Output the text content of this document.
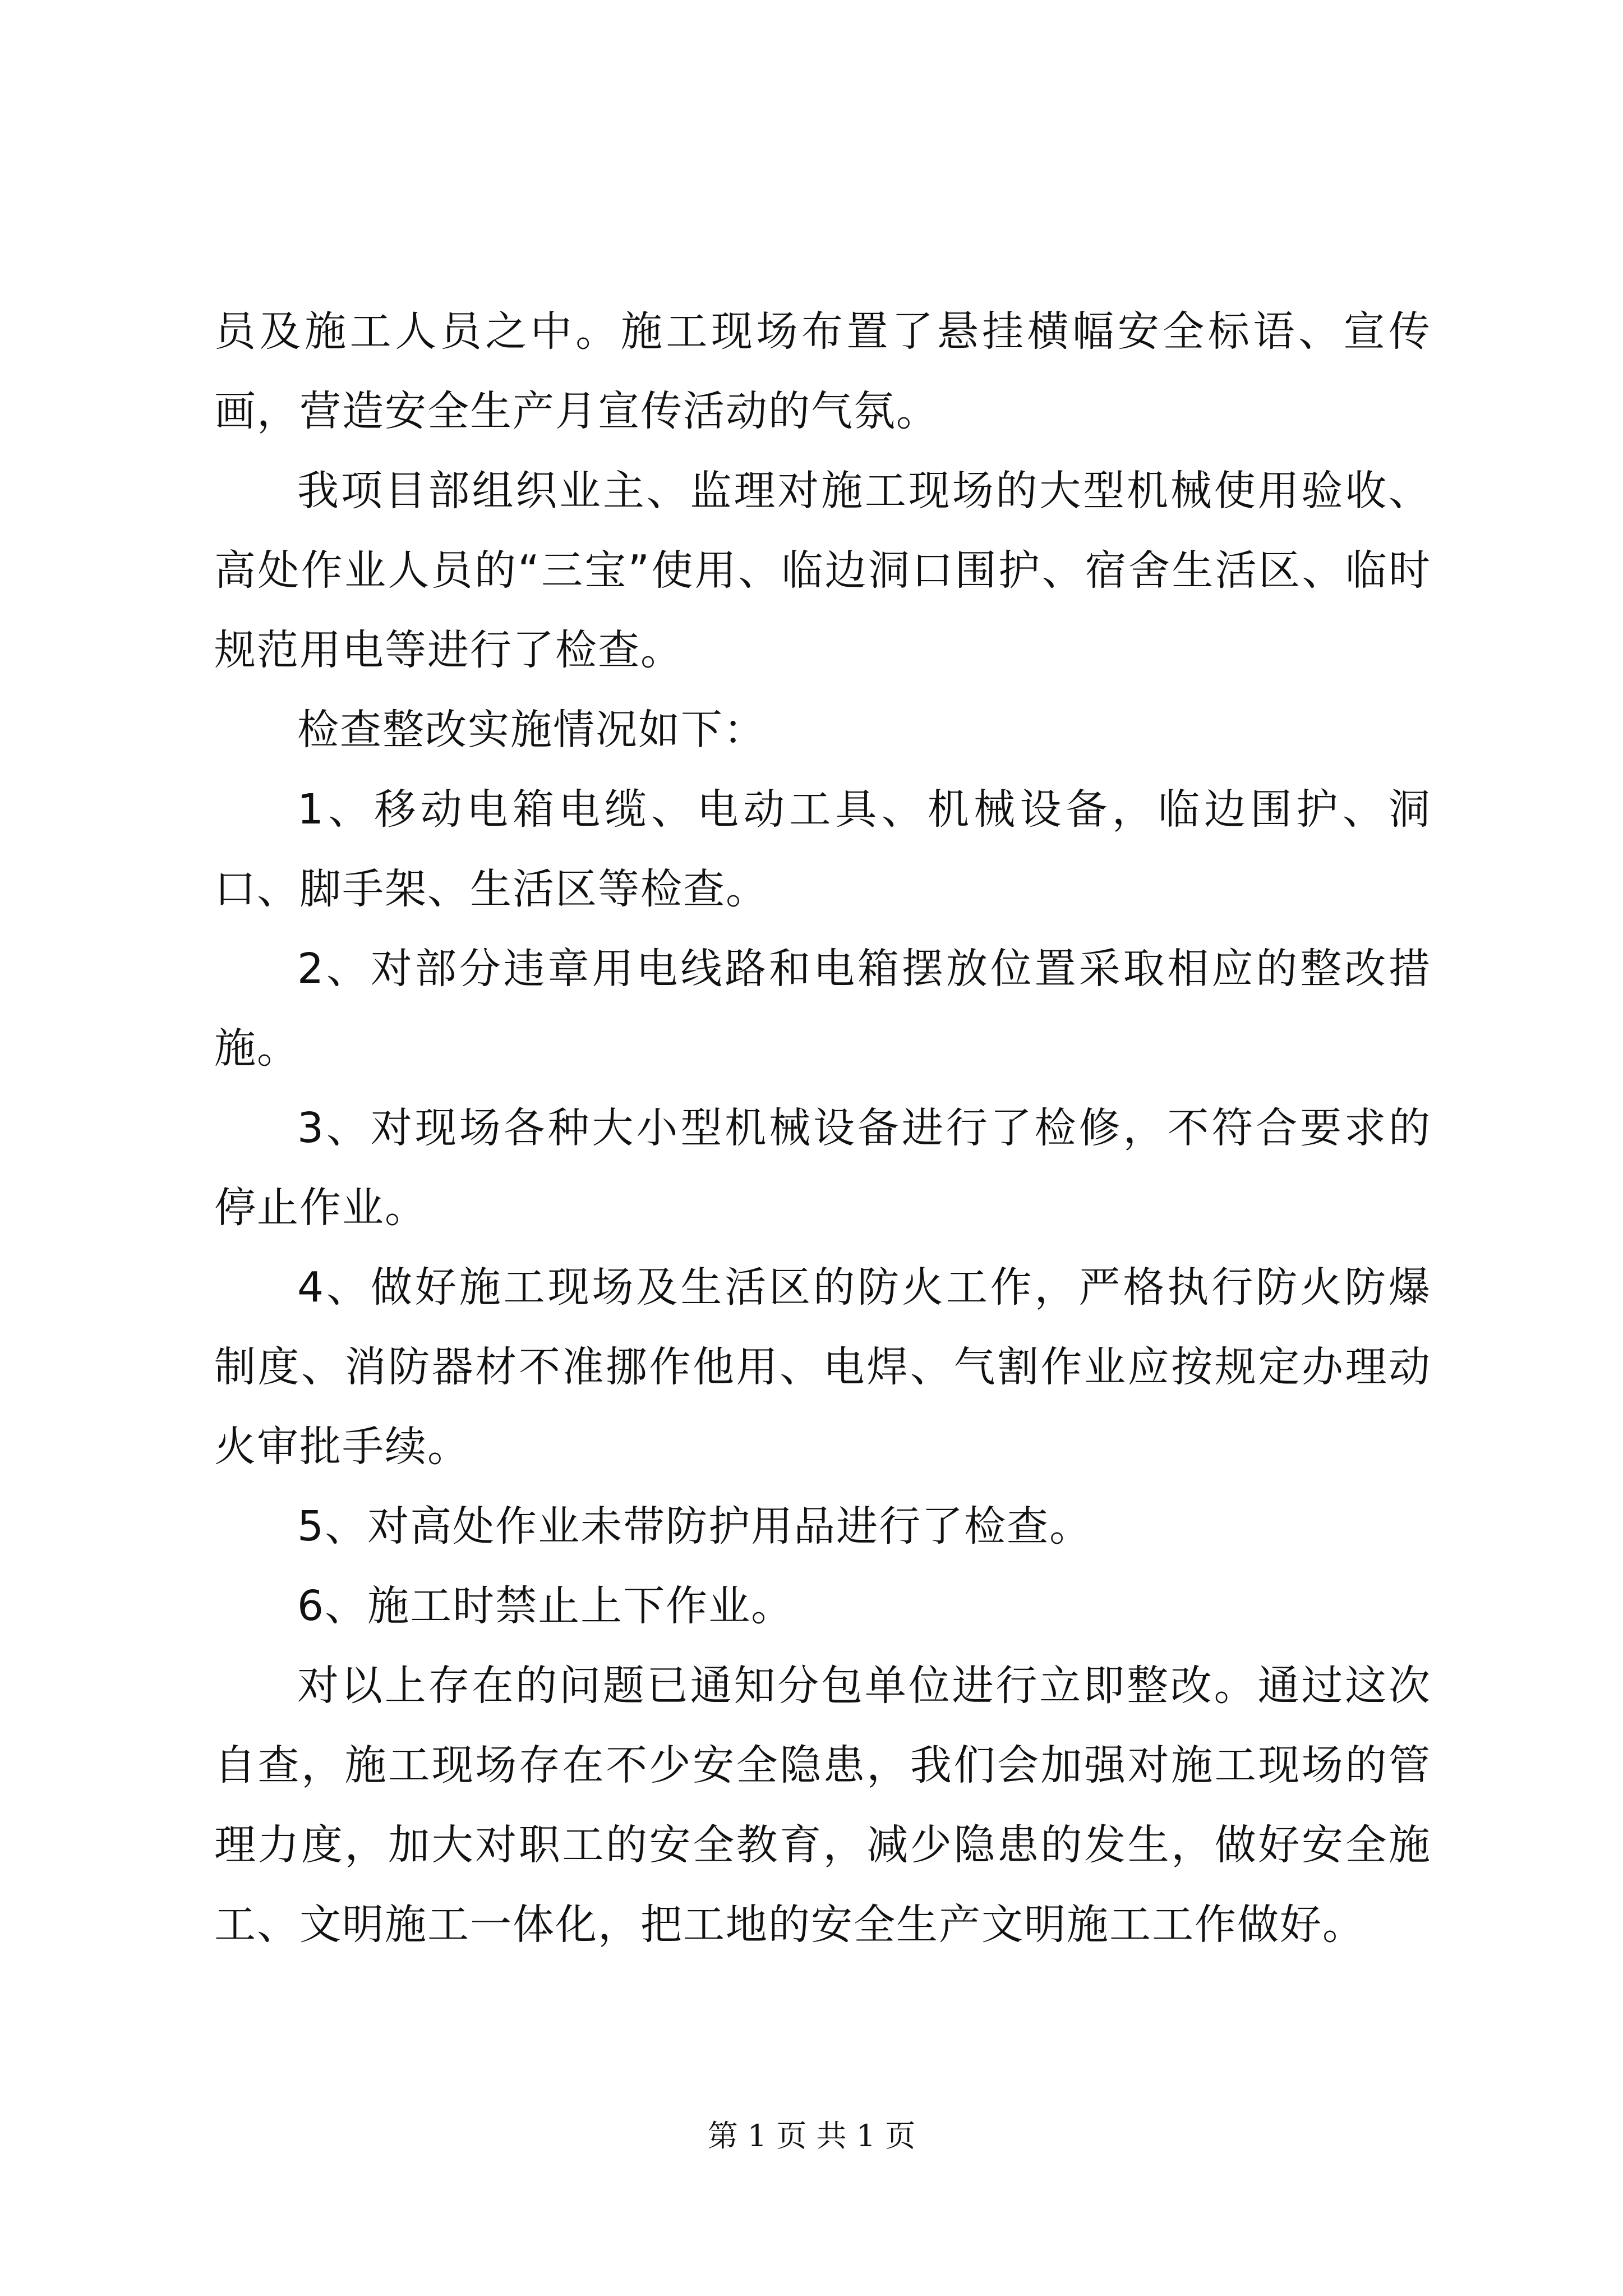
员及施工人员之中。施工现场布置了悬挂横幅安全标语、宣传画，营造安全生产月宣传活动的气氛。

我项目部组织业主、监理对施工现场的大型机械使用验收、高处作业人员的“三宝”使用、临边洞口围护、宿舍生活区、临时规范用电等进行了检查。

检查整改实施情况如下：

1、移动电箱电缆、电动工具、机械设备，临边围护、洞口、脚手架、生活区等检查。

2、对部分违章用电线路和电箱摆放位置采取相应的整改措施。

3、对现场各种大小型机械设备进行了检修，不符合要求的停止作业。

4、做好施工现场及生活区的防火工作，严格执行防火防爆制度、消防器材不准挪作他用、电焊、气割作业应按规定办理动火审批手续。

5、对高处作业未带防护用品进行了检查。

6、施工时禁止上下作业。

对以上存在的问题已通知分包单位进行立即整改。通过这次自查，施工现场存在不少安全隐患，我们会加强对施工现场的管理力度，加大对职工的安全教育，减少隐患的发生，做好安全施工、文明施工一体化，把工地的安全生产文明施工工作做好。

第 1 页 共 1 页
